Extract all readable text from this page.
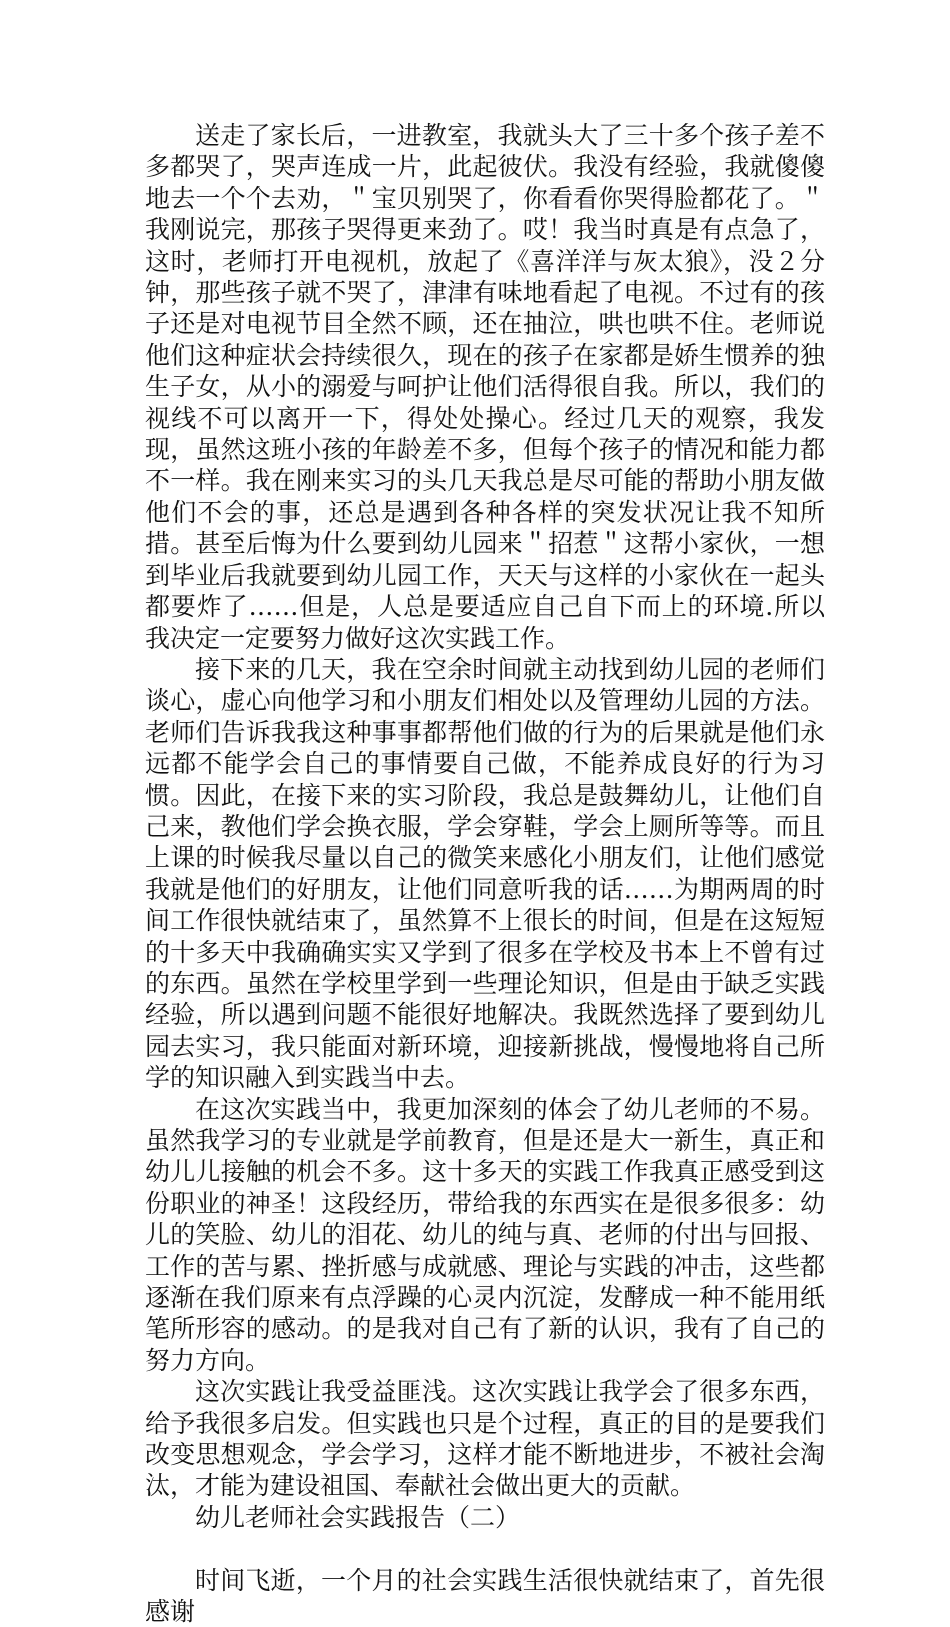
送走了家长后，一进教室，我就头大了三十多个孩子差不多都哭了，哭声连成一片，此起彼伏。我没有经验，我就傻傻地去一个个去劝，＂宝贝别哭了，你看看你哭得脸都花了。＂我刚说完，那孩子哭得更来劲了。哎！我当时真是有点急了，这时，老师打开电视机，放起了《喜洋洋与灰太狼》，没２分钟，那些孩子就不哭了，津津有味地看起了电视。不过有的孩子还是对电视节目全然不顾，还在抽泣，哄也哄不住。老师说他们这种症状会持续很久，现在的孩子在家都是娇生惯养的独生子女，从小的溺爱与呵护让他们活得很自我。所以，我们的视线不可以离开一下，得处处操心。经过几天的观察，我发现，虽然这班小孩的年龄差不多，但每个孩子的情况和能力都不一样。我在刚来实习的头几天我总是尽可能的帮助小朋友做他们不会的事，还总是遇到各种各样的突发状况让我不知所措。甚至后悔为什么要到幼儿园来＂招惹＂这帮小家伙，一想到毕业后我就要到幼儿园工作，天天与这样的小家伙在一起头都要炸了……但是，人总是要适应自己自下而上的环境.所以我决定一定要努力做好这次实践工作。

接下来的几天，我在空余时间就主动找到幼儿园的老师们谈心，虚心向他学习和小朋友们相处以及管理幼儿园的方法。老师们告诉我我这种事事都帮他们做的行为的后果就是他们永远都不能学会自己的事情要自己做，不能养成良好的行为习惯。因此，在接下来的实习阶段，我总是鼓舞幼儿，让他们自己来，教他们学会换衣服，学会穿鞋，学会上厕所等等。而且上课的时候我尽量以自己的微笑来感化小朋友们，让他们感觉我就是他们的好朋友，让他们同意听我的话……为期两周的时间工作很快就结束了，虽然算不上很长的时间，但是在这短短的十多天中我确确实实又学到了很多在学校及书本上不曾有过的东西。虽然在学校里学到一些理论知识，但是由于缺乏实践经验，所以遇到问题不能很好地解决。我既然选择了要到幼儿园去实习，我只能面对新环境，迎接新挑战，慢慢地将自己所学的知识融入到实践当中去。

在这次实践当中，我更加深刻的体会了幼儿老师的不易。虽然我学习的专业就是学前教育，但是还是大一新生，真正和幼儿儿接触的机会不多。这十多天的实践工作我真正感受到这份职业的神圣！这段经历，带给我的东西实在是很多很多：幼儿的笑脸、幼儿的泪花、幼儿的纯与真、老师的付出与回报、工作的苦与累、挫折感与成就感、理论与实践的冲击，这些都逐渐在我们原来有点浮躁的心灵内沉淀，发酵成一种不能用纸笔所形容的感动。的是我对自己有了新的认识，我有了自己的努力方向。

这次实践让我受益匪浅。这次实践让我学会了很多东西，给予我很多启发。但实践也只是个过程，真正的目的是要我们改变思想观念，学会学习，这样才能不断地进步，不被社会淘汰，才能为建设祖国、奉献社会做出更大的贡献。

幼儿老师社会实践报告（二）

时间飞逝，一个月的社会实践生活很快就结束了，首先很感谢
